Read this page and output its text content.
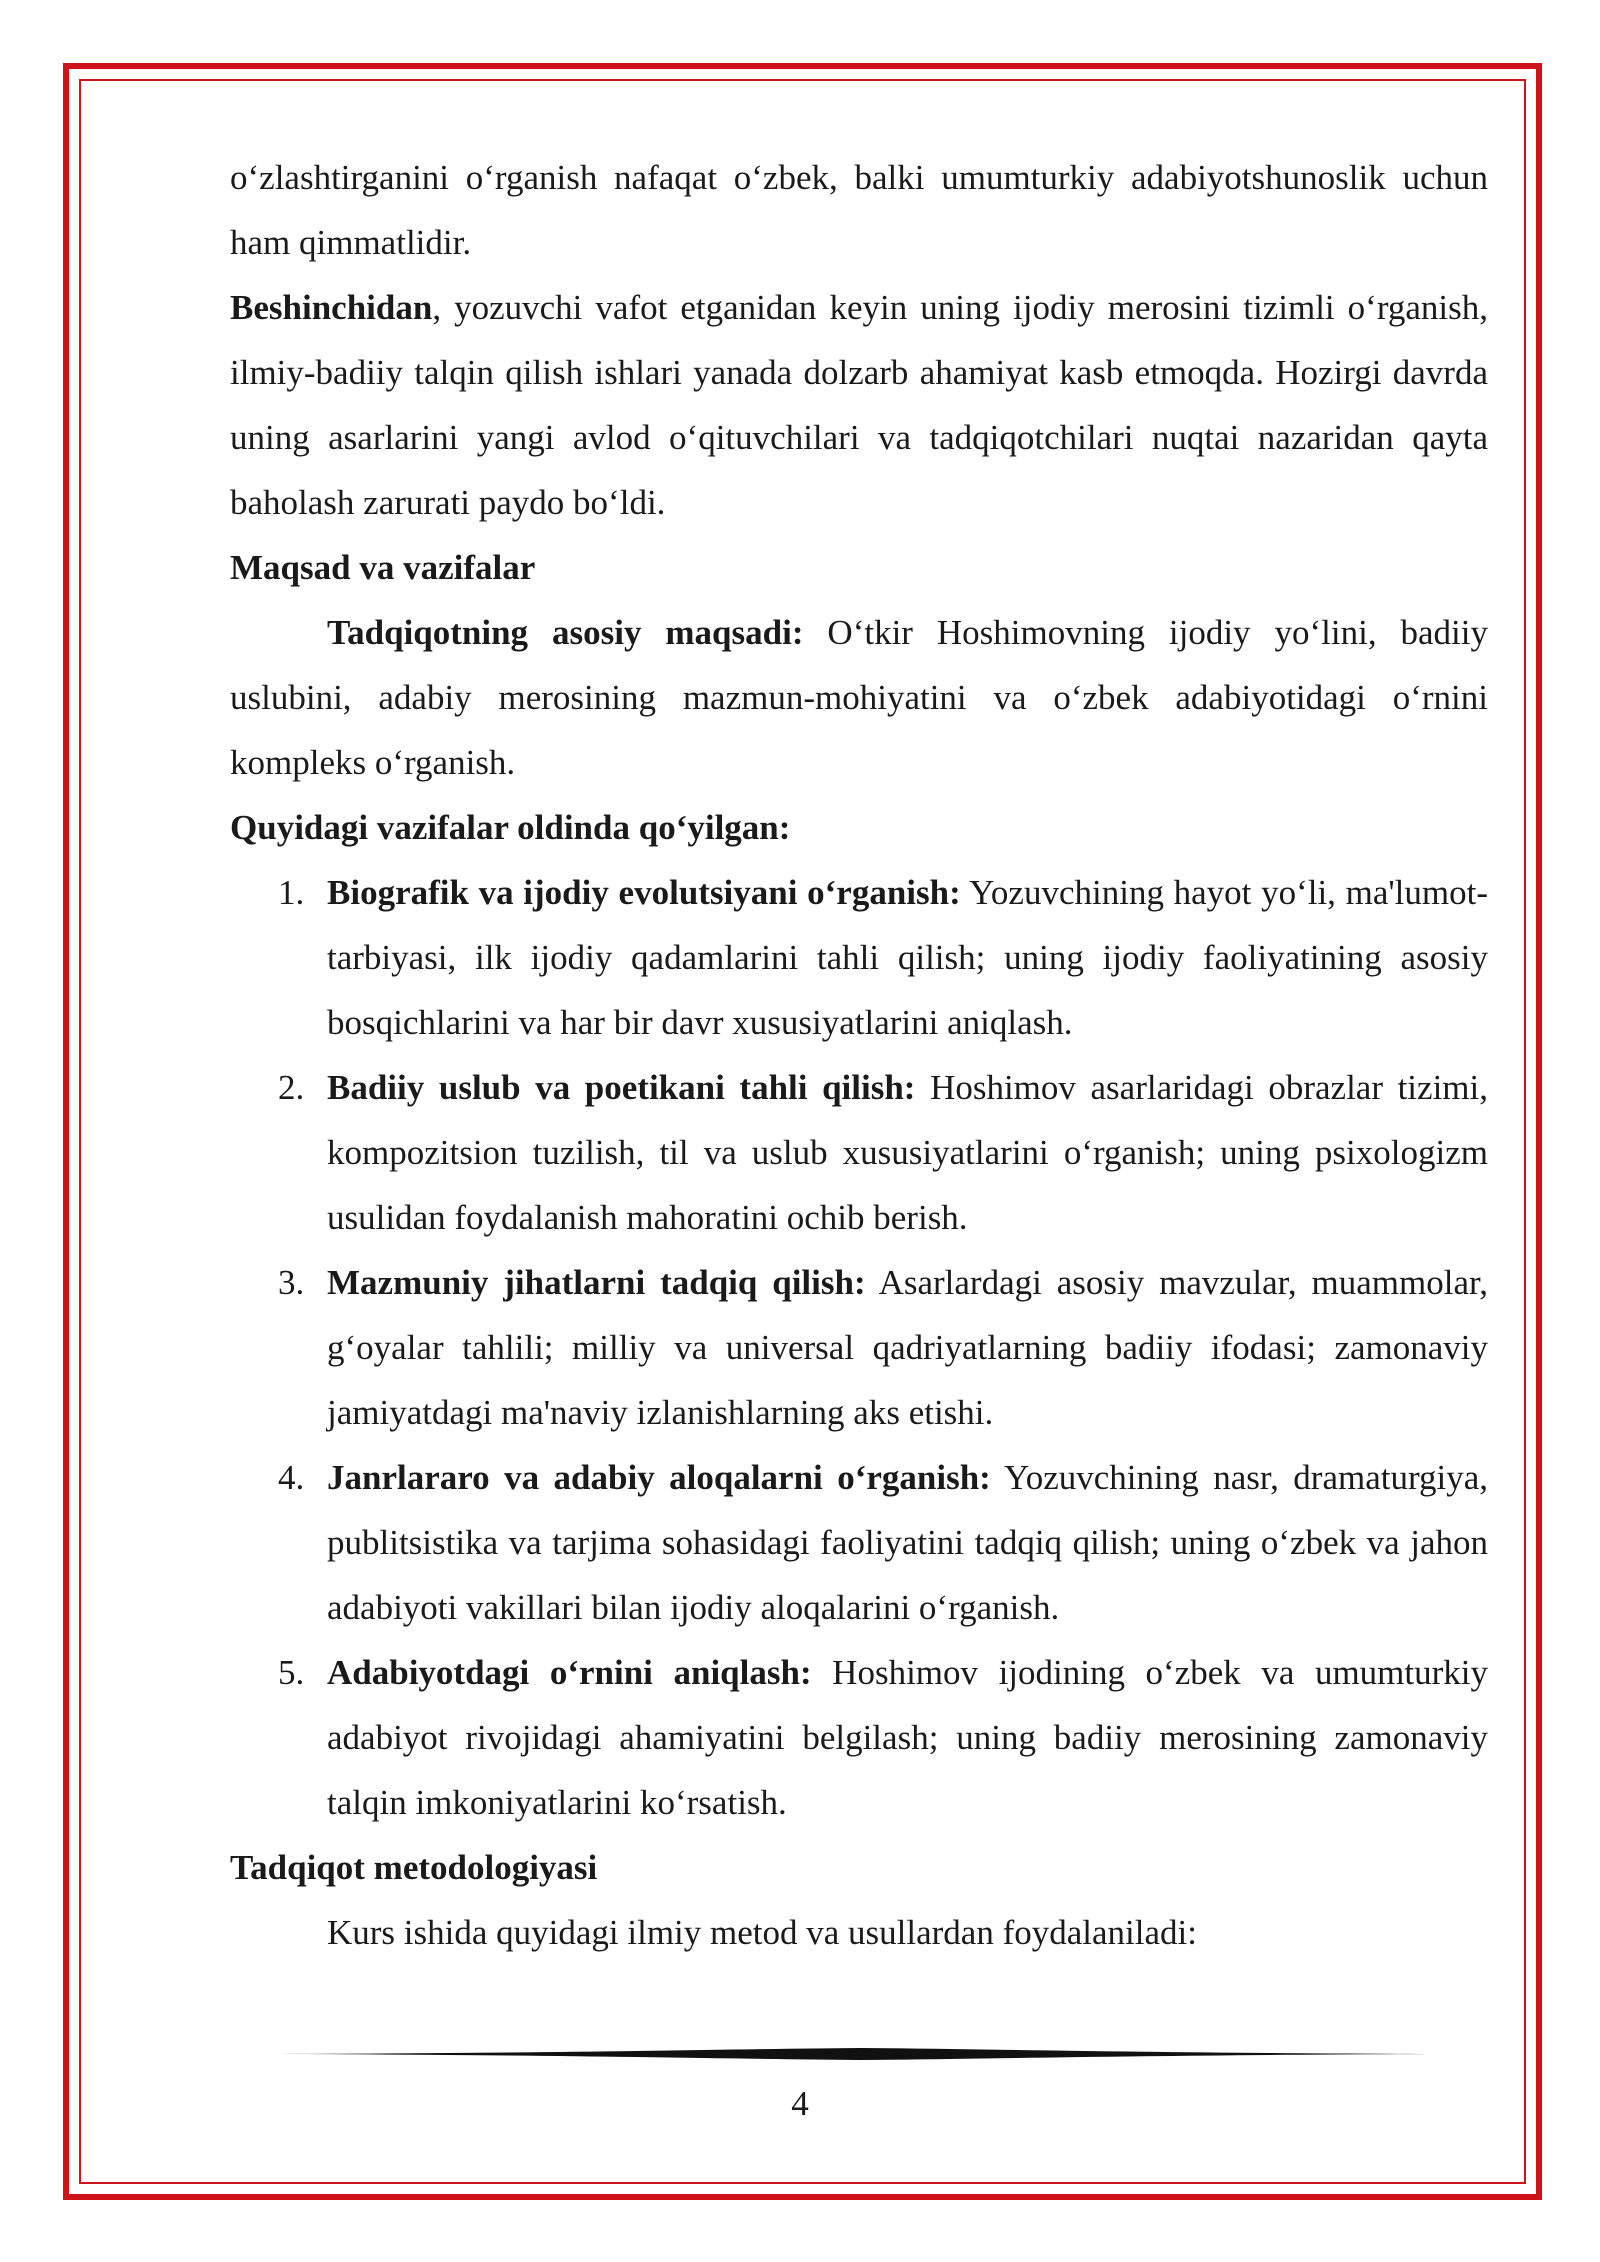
o‘zlashtirganini o‘rganish nafaqat o‘zbek, balki umumturkiy adabiyotshunoslik uchun ham qimmatlidir.

Beshinchidan, yozuvchi vafot etganidan keyin uning ijodiy merosini tizimli o‘rganish, ilmiy-badiiy talqin qilish ishlari yanada dolzarb ahamiyat kasb etmoqda. Hozirgi davrda uning asarlarini yangi avlod o‘qituvchilari va tadqiqotchilari nuqtai nazaridan qayta baholash zarurati paydo bo‘ldi.

Maqsad va vazifalar

Tadqiqotning asosiy maqsadi: O‘tkir Hoshimovning ijodiy yo‘lini, badiiy uslubini, adabiy merosining mazmun-mohiyatini va o‘zbek adabiyotidagi o‘rnini kompleks o‘rganish.

Quyidagi vazifalar oldinda qo‘yilgan:

1. Biografik va ijodiy evolutsiyani o‘rganish: Yozuvchining hayot yo‘li, ma'lumot-tarbiyasi, ilk ijodiy qadamlarini tahli qilish; uning ijodiy faoliyatining asosiy bosqichlarini va har bir davr xususiyatlarini aniqlash.
2. Badiiy uslub va poetikani tahli qilish: Hoshimov asarlaridagi obrazlar tizimi, kompozitsion tuzilish, til va uslub xususiyatlarini o‘rganish; uning psixologizm usulidan foydalanish mahoratini ochib berish.
3. Mazmuniy jihatlarni tadqiq qilish: Asarlardagi asosiy mavzular, muammolar, g‘oyalar tahlili; milliy va universal qadriyatlarning badiiy ifodasi; zamonaviy jamiyatdagi ma'naviy izlanishlarning aks etishi.
4. Janrlararo va adabiy aloqalarni o‘rganish: Yozuvchining nasr, dramaturgiya, publitsistika va tarjima sohasidagi faoliyatini tadqiq qilish; uning o‘zbek va jahon adabiyoti vakillari bilan ijodiy aloqalarini o‘rganish.
5. Adabiyotdagi o‘rnini aniqlash: Hoshimov ijodining o‘zbek va umumturkiy adabiyot rivojidagi ahamiyatini belgilash; uning badiiy merosining zamonaviy talqin imkoniyatlarini ko‘rsatish.

Tadqiqot metodologiyasi

Kurs ishida quyidagi ilmiy metod va usullardan foydalaniladi:

4
